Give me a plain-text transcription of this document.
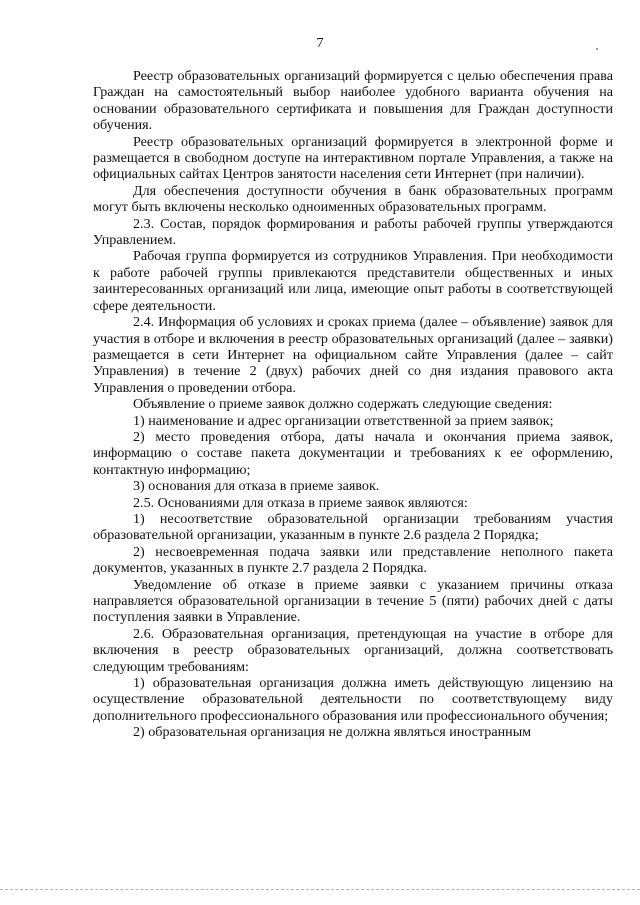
7

Реестр образовательных организаций формируется с целью обеспечения права Граждан на самостоятельный выбор наиболее удобного варианта обучения на основании образовательного сертификата и повышения для Граждан доступности обучения.

Реестр образовательных организаций формируется в электронной форме и размещается в свободном доступе на интерактивном портале Управления, а также на официальных сайтах Центров занятости населения сети Интернет (при наличии).

Для обеспечения доступности обучения в банк образовательных программ могут быть включены несколько одноименных образовательных программ.

2.3. Состав, порядок формирования и работы рабочей группы утверждаются Управлением.

Рабочая группа формируется из сотрудников Управления. При необходимости к работе рабочей группы привлекаются представители общественных и иных заинтересованных организаций или лица, имеющие опыт работы в соответствующей сфере деятельности.

2.4. Информация об условиях и сроках приема (далее – объявление) заявок для участия в отборе и включения в реестр образовательных организаций (далее – заявки) размещается в сети Интернет на официальном сайте Управления (далее – сайт Управления) в течение 2 (двух) рабочих дней со дня издания правового акта Управления о проведении отбора.

Объявление о приеме заявок должно содержать следующие сведения:

1) наименование и адрес организации ответственной за прием заявок;

2) место проведения отбора, даты начала и окончания приема заявок, информацию о составе пакета документации и требованиях к ее оформлению, контактную информацию;

3) основания для отказа в приеме заявок.

2.5. Основаниями для отказа в приеме заявок являются:

1) несоответствие образовательной организации требованиям участия образовательной организации, указанным в пункте 2.6 раздела 2 Порядка;

2) несвоевременная подача заявки или представление неполного пакета документов, указанных в пункте 2.7 раздела 2 Порядка.

Уведомление об отказе в приеме заявки с указанием причины отказа направляется образовательной организации в течение 5 (пяти) рабочих дней с даты поступления заявки в Управление.

2.6. Образовательная организация, претендующая на участие в отборе для включения в реестр образовательных организаций, должна соответствовать следующим требованиям:

1) образовательная организация должна иметь действующую лицензию на осуществление образовательной деятельности по соответствующему виду дополнительного профессионального образования или профессионального обучения;

2) образовательная организация не должна являться иностранным
